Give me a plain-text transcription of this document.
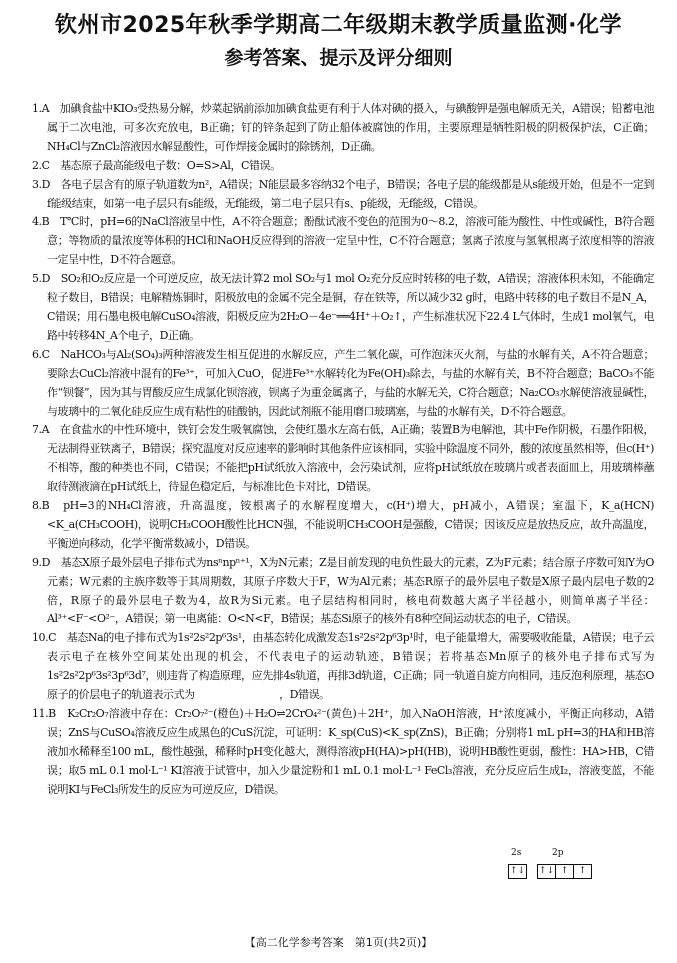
钦州市2025年秋季学期高二年级期末教学质量监测·化学
参考答案、提示及评分细则

1.A　加碘食盐中KIO₃受热易分解，炒菜起锅前添加加碘食盐更有利于人体对碘的摄入，与碘酸钾是强电解质无关，A错误；铅蓄电池属于二次电池，可多次充放电，B正确；钉的锌条起到了防止船体被腐蚀的作用，主要原理是牺牲阳极的阴极保护法，C正确；NH₄Cl与ZnCl₂溶液因水解显酸性，可作焊接金属时的除锈剂，D正确。

2.C　基态原子最高能级电子数：O=S>Al，C错误。

3.D　各电子层含有的原子轨道数为n²，A错误；N能层最多容纳32个电子，B错误；各电子层的能级都是从s能级开始，但是不一定到f能级结束，如第一电子层只有s能级，无f能级，第二电子层只有s、p能级，无f能级，C错误。

4.B　T℃时，pH=6的NaCl溶液呈中性，A不符合题意；酚酞试液不变色的范围为0～8.2，溶液可能为酸性、中性或碱性，B符合题意；等物质的量浓度等体积的HCl和NaOH反应得到的溶液一定呈中性，C不符合题意；氢离子浓度与氢氧根离子浓度相等的溶液一定呈中性，D不符合题意。

5.D　SO₂和O₂反应是一个可逆反应，故无法计算2 mol SO₂与1 mol O₂充分反应时转移的电子数，A错误；溶液体积未知，不能确定粒子数目，B错误；电解精炼铜时，阳极放电的金属不完全是铜，存在铁等，所以减少32 g时，电路中转移的电子数目不是N_A，C错误；用石墨电极电解CuSO₄溶液，阳极反应为2H₂O－4e⁻══4H⁺＋O₂↑，产生标准状况下22.4 L气体时，生成1 mol氧气，电路中转移4N_A个电子，D正确。

6.C　NaHCO₃与Al₂(SO₄)₃两种溶液发生相互促进的水解反应，产生二氧化碳，可作泡沫灭火剂，与盐的水解有关，A不符合题意；要除去CuCl₂溶液中混有的Fe³⁺，可加入CuO，促进Fe³⁺水解转化为Fe(OH)₃除去，与盐的水解有关，B不符合题意；BaCO₃不能作“钡餐”，因为其与胃酸反应生成氯化钡溶液，钡离子为重金属离子，与盐的水解无关，C符合题意；Na₂CO₃水解使溶液显碱性，与玻璃中的二氧化硅反应生成有粘性的硅酸钠，因此试剂瓶不能用磨口玻璃塞，与盐的水解有关，D不符合题意。

7.A　在食盐水的中性环境中，铁钉会发生吸氧腐蚀，会使红墨水左高右低，A正确；装置B为电解池，其中Fe作阴极，石墨作阳极，无法制得亚铁离子，B错误；探究温度对反应速率的影响时其他条件应该相同，实验中除温度不同外，酸的浓度虽然相等，但c(H⁺)不相等，酸的种类也不同，C错误；不能把pH试纸放入溶液中，会污染试剂，应将pH试纸放在玻璃片或者表面皿上，用玻璃棒蘸取待测液滴在pH试纸上，待显色稳定后，与标准比色卡对比，D错误。

8.B　pH=3的NH₄Cl溶液，升高温度，铵根离子的水解程度增大，c(H⁺)增大，pH减小，A错误；室温下，K_a(HCN)<K_a(CH₃COOH)，说明CH₃COOH酸性比HCN强，不能说明CH₃COOH是强酸，C错误；因该反应是放热反应，故升高温度，平衡逆向移动，化学平衡常数减小，D错误。

9.D　基态X原子最外层电子排布式为nsⁿnpⁿ⁺¹，X为N元素；Z是目前发现的电负性最大的元素，Z为F元素；结合原子序数可知Y为O元素；W元素的主族序数等于其周期数，其原子序数大于F，W为Al元素；基态R原子的最外层电子数是X原子最内层电子数的2倍，R原子的最外层电子数为4，故R为Si元素。电子层结构相同时，核电荷数越大离子半径越小，则简单离子半径：Al³⁺<F⁻<O²⁻，A错误；第一电离能：O<N<F，B错误；基态Si原子的核外有8种空间运动状态的电子，C错误。

10.C　基态Na的电子排布式为1s²2s²2p⁶3s¹，由基态转化成激发态1s²2s²2p⁶3p¹时，电子能量增大，需要吸收能量，A错误；电子云表示电子在核外空间某处出现的机会，不代表电子的运动轨迹，B错误；若将基态Mn原子的核外电子排布式写为1s²2s²2p⁶3s²3p⁶3d⁷，则违背了构造原理，应先排4s轨道，再排3d轨道，C正确；同一轨道自旋方向相同，违反泡利原理，基态O原子的价层电子的轨道表示式为　　　　　　　　，D错误。

11.B　K₂Cr₂O₇溶液中存在：Cr₂O₇²⁻(橙色)＋H₂O⇌2CrO₄²⁻(黄色)＋2H⁺，加入NaOH溶液，H⁺浓度减小，平衡正向移动，A错误；ZnS与CuSO₄溶液反应生成黑色的CuS沉淀，可证明：K_sp(CuS)<K_sp(ZnS)，B正确；分别将1 mL pH=3的HA和HB溶液加水稀释至100 mL，酸性越强，稀释时pH变化越大，测得溶液pH(HA)>pH(HB)，说明HB酸性更弱，酸性：HA>HB，C错误；取5 mL 0.1 mol·L⁻¹ KI溶液于试管中，加入少量淀粉和1 mL 0.1 mol·L⁻¹ FeCl₃溶液，充分反应后生成I₂，溶液变蓝，不能说明KI与FeCl₃所发生的反应为可逆反应，D错误。

2s	2p
↑↓ ↑↓ ↑ ↑
【高二化学参考答案　第1页(共2页)】
